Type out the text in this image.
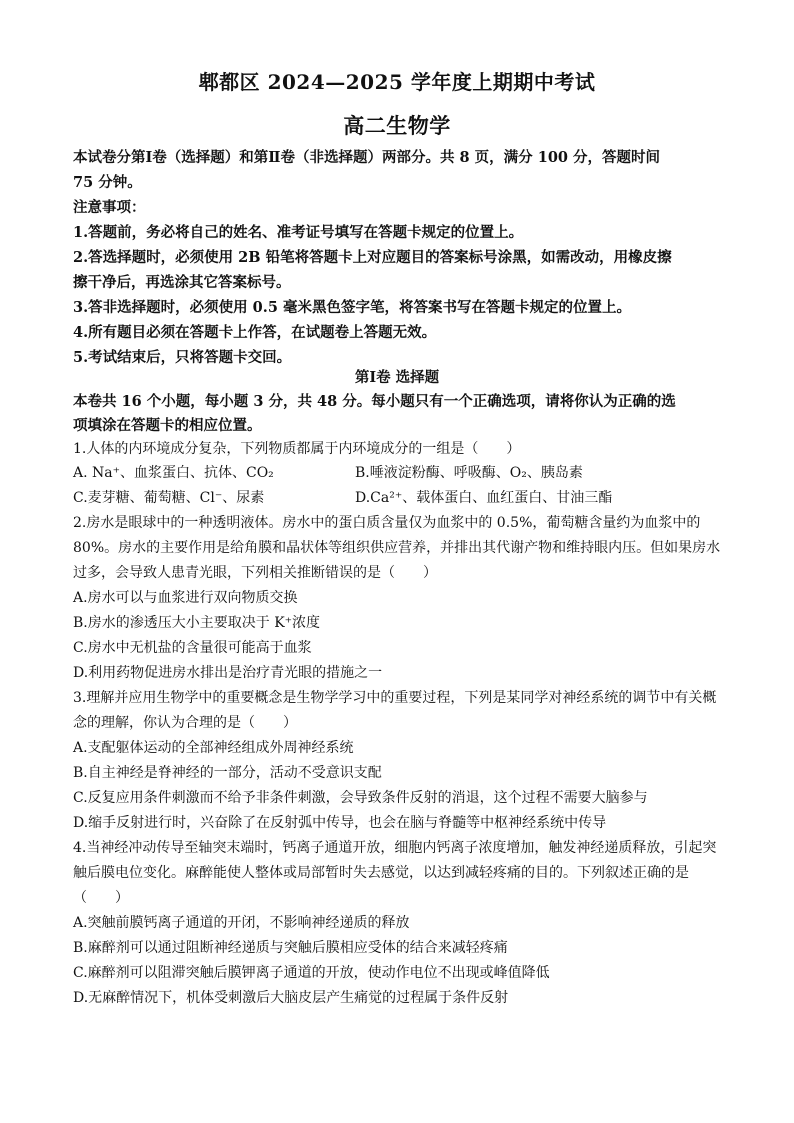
郫都区 2024—2025 学年度上期期中考试
高二生物学
本试卷分第Ⅰ卷（选择题）和第Ⅱ卷（非选择题）两部分。共 8 页，满分 100 分，答题时间
75 分钟。
注意事项：
1.答题前，务必将自己的姓名、准考证号填写在答题卡规定的位置上。
2.答选择题时，必须使用 2B 铅笔将答题卡上对应题目的答案标号涂黑，如需改动，用橡皮擦
擦干净后，再选涂其它答案标号。
3.答非选择题时，必须使用 0.5 毫米黑色签字笔，将答案书写在答题卡规定的位置上。
4.所有题目必须在答题卡上作答，在试题卷上答题无效。
5.考试结束后，只将答题卡交回。
第Ⅰ卷 选择题
本卷共 16 个小题，每小题 3 分，共 48 分。每小题只有一个正确选项，请将你认为正确的选
项填涂在答题卡的相应位置。
1.人体的内环境成分复杂，下列物质都属于内环境成分的一组是（　　）
A. Na⁺、血浆蛋白、抗体、CO₂	B.唾液淀粉酶、呼吸酶、O₂、胰岛素
C.麦芽糖、葡萄糖、Cl⁻、尿素	D.Ca²⁺、载体蛋白、血红蛋白、甘油三酯
2.房水是眼球中的一种透明液体。房水中的蛋白质含量仅为血浆中的 0.5%，葡萄糖含量约为血浆中的
80%。房水的主要作用是给角膜和晶状体等组织供应营养，并排出其代谢产物和维持眼内压。但如果房水
过多，会导致人患青光眼，下列相关推断错误的是（　　）
A.房水可以与血浆进行双向物质交换
B.房水的渗透压大小主要取决于 K⁺浓度
C.房水中无机盐的含量很可能高于血浆
D.利用药物促进房水排出是治疗青光眼的措施之一
3.理解并应用生物学中的重要概念是生物学学习中的重要过程，下列是某同学对神经系统的调节中有关概
念的理解，你认为合理的是（　　）
A.支配躯体运动的全部神经组成外周神经系统
B.自主神经是脊神经的一部分，活动不受意识支配
C.反复应用条件刺激而不给予非条件刺激，会导致条件反射的消退，这个过程不需要大脑参与
D.缩手反射进行时，兴奋除了在反射弧中传导，也会在脑与脊髓等中枢神经系统中传导
4.当神经冲动传导至轴突末端时，钙离子通道开放，细胞内钙离子浓度增加，触发神经递质释放，引起突
触后膜电位变化。麻醉能使人整体或局部暂时失去感觉，以达到减轻疼痛的目的。下列叙述正确的是
（　　）
A.突触前膜钙离子通道的开闭，不影响神经递质的释放
B.麻醉剂可以通过阻断神经递质与突触后膜相应受体的结合来减轻疼痛
C.麻醉剂可以阻滞突触后膜钾离子通道的开放，使动作电位不出现或峰值降低
D.无麻醉情况下，机体受刺激后大脑皮层产生痛觉的过程属于条件反射
